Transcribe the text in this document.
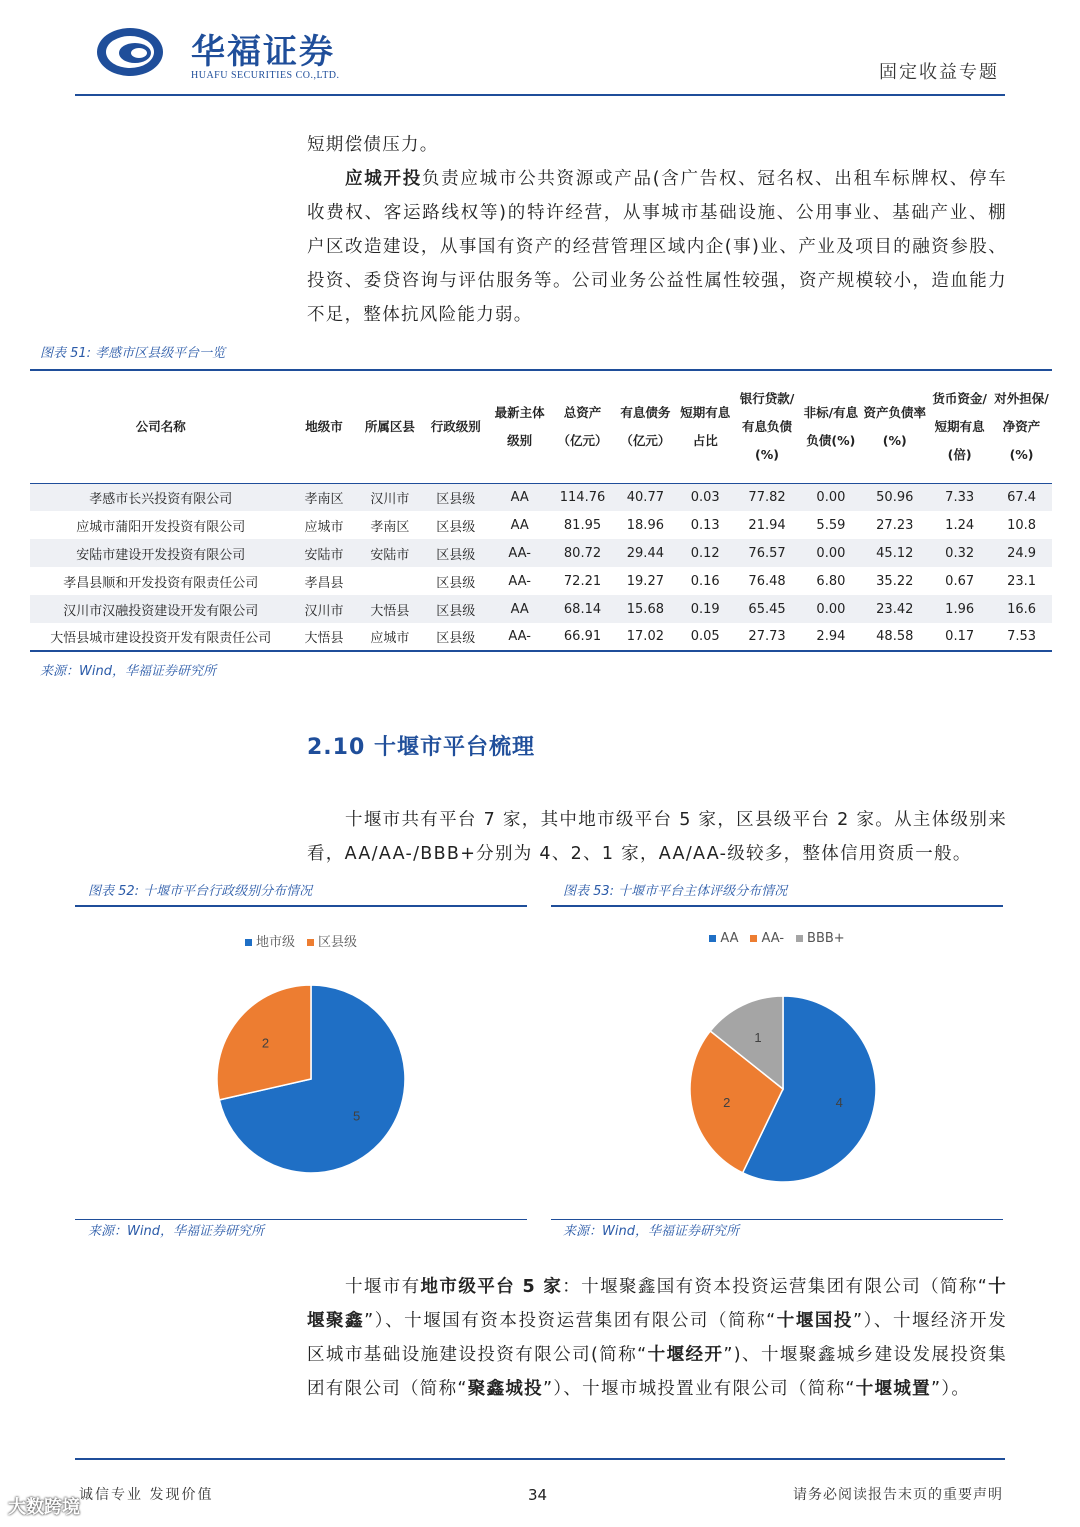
华福证券
HUAFU SECURITIES CO.,LTD.	固定收益专题
短期偿债压力。
应城开投负责应城市公共资源或产品(含广告权、冠名权、出租车标牌权、停车收费权、客运路线权等)的特许经营，从事城市基础设施、公用事业、基础产业、棚户区改造建设，从事国有资产的经营管理区域内企(事)业、产业及项目的融资参股、投资、委贷咨询与评估服务等。公司业务公益性属性较强，资产规模较小，造血能力不足，整体抗风险能力弱。
图表 51: 孝感市区县级平台一览
公司名称	地级市	所属区县	行政级别	最新主体级别	总资产（亿元）	有息债务（亿元）	短期有息占比	银行贷款/有息负债(%)	非标/有息负债(%)	资产负债率(%)	货币资金/短期有息(倍)	对外担保/净资产(%)
孝感市长兴投资有限公司	孝南区	汉川市	区县级	AA	114.76	40.77	0.03	77.82	0.00	50.96	7.33	67.4
应城市蒲阳开发投资有限公司	应城市	孝南区	区县级	AA	81.95	18.96	0.13	21.94	5.59	27.23	1.24	10.8
安陆市建设开发投资有限公司	安陆市	安陆市	区县级	AA-	80.72	29.44	0.12	76.57	0.00	45.12	0.32	24.9
孝昌县顺和开发投资有限责任公司	孝昌县		区县级	AA-	72.21	19.27	0.16	76.48	6.80	35.22	0.67	23.1
汉川市汉融投资建设开发有限公司	汉川市	大悟县	区县级	AA	68.14	15.68	0.19	65.45	0.00	23.42	1.96	16.6
大悟县城市建设投资开发有限责任公司	大悟县	应城市	区县级	AA-	66.91	17.02	0.05	27.73	2.94	48.58	0.17	7.53
来源：Wind，华福证券研究所
2.10 十堰市平台梳理
十堰市共有平台 7 家，其中地市级平台 5 家，区县级平台 2 家。从主体级别来看，AA/AA-/BBB+分别为 4、2、1 家，AA/AA-级较多，整体信用资质一般。
图表 52: 十堰市平台行政级别分布情况
地市级 区县级
5
2
来源：Wind，华福证券研究所
图表 53: 十堰市平台主体评级分布情况
AA AA- BBB+
4
2
1
来源：Wind，华福证券研究所
十堰市有地市级平台 5 家：十堰聚鑫国有资本投资运营集团有限公司（简称“十堰聚鑫”）、十堰国有资本投资运营集团有限公司（简称“十堰国投”）、十堰经济开发区城市基础设施建设投资有限公司(简称“十堰经开”)、十堰聚鑫城乡建设发展投资集团有限公司（简称“聚鑫城投”）、十堰市城投置业有限公司（简称“十堰城置”）。
诚信专业 发现价值	34	请务必阅读报告末页的重要声明
大数跨境
